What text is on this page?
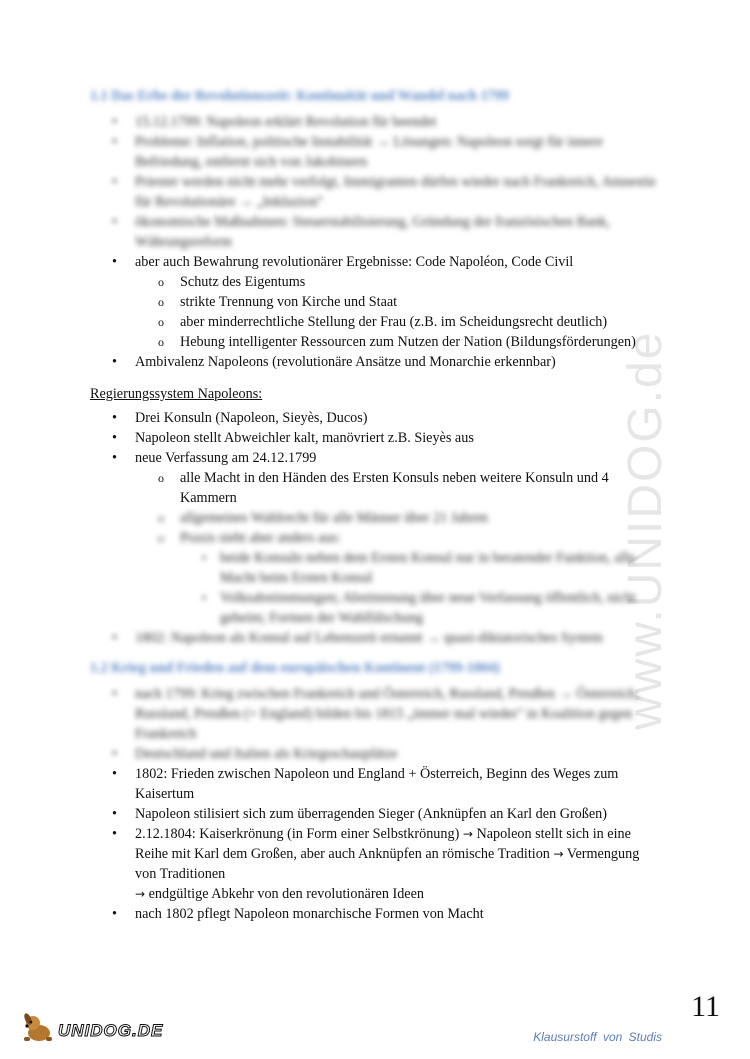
www.UNIDOG.de
1.1 Das Erbe der Revolutionszeit: Kontinuität und Wandel nach 1799
• 15.12.1799: Napoleon erklärt Revolution für beendet
• Probleme: Inflation, politische Instabilität → Lösungen: Napoleon sorgt für innere Befriedung, entfernt sich von Jakobinern
• Priester werden nicht mehr verfolgt, Immigranten dürfen wieder nach Frankreich, Amnestie für Revolutionäre → „Inkluzion"
• ökonomische Maßnahmen: Steuerstabilisierung, Gründung der französischen Bank, Währungsreform
• aber auch Bewahrung revolutionärer Ergebnisse: Code Napoléon, Code Civil
o Schutz des Eigentums
o strikte Trennung von Kirche und Staat
o aber minderrechtliche Stellung der Frau (z.B. im Scheidungsrecht deutlich)
o Hebung intelligenter Ressourcen zum Nutzen der Nation (Bildungsförderungen)
• Ambivalenz Napoleons (revolutionäre Ansätze und Monarchie erkennbar)
Regierungssystem Napoleons:
• Drei Konsuln (Napoleon, Sieyès, Ducos)
• Napoleon stellt Abweichler kalt, manövriert z.B. Sieyès aus
• neue Verfassung am 24.12.1799
o alle Macht in den Händen des Ersten Konsuls neben weitere Konsuln und 4 Kammern
o allgemeines Wahlrecht für alle Männer über 21 Jahren
o Praxis sieht aber anders aus:
▪ beide Konsuln neben dem Ersten Konsul nur in beratender Funktion, alle Macht beim Ersten Konsul
▪ Volksabstimmungen; Abstimmung über neue Verfassung öffentlich, nicht geheim; Formen der Wahlfälschung
• 1802: Napoleon als Konsul auf Lebenszeit ernannt → quasi-diktatorisches System
1.2 Krieg und Frieden auf dem europäischen Kontinent (1799-1804)
• nach 1799: Krieg zwischen Frankreich und Österreich, Russland, Preußen → Österreich, Russland, Preußen (+ England) bilden bis 1815 „immer mal wieder" in Koalition gegen Frankreich
• Deutschland und Italien als Kriegsschauplätze
• 1802: Frieden zwischen Napoleon und England + Österreich, Beginn des Weges zum Kaisertum
• Napoleon stilisiert sich zum überragenden Sieger (Anknüpfen an Karl den Großen)
• 2.12.1804: Kaiserkrönung (in Form einer Selbstkrönung) → Napoleon stellt sich in eine Reihe mit Karl dem Großen, aber auch Anknüpfen an römische Tradition → Vermengung von Traditionen
→ endgültige Abkehr von den revolutionären Ideen
• nach 1802 pflegt Napoleon monarchische Formen von Macht
11
UNIDOG.DE	Klausurstoff von Studis
